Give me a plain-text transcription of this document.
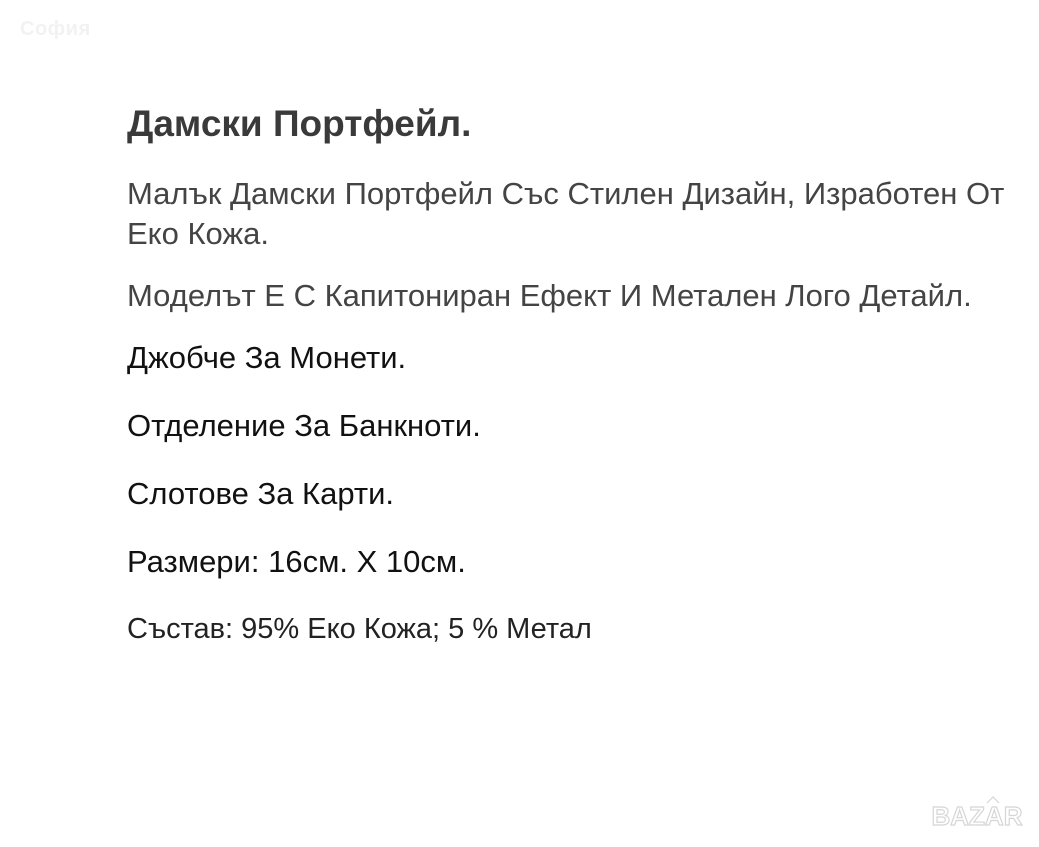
София
Дамски Портфейл.

Малък Дамски Портфейл Със Стилен Дизайн, Изработен От Еко Кожа.

Моделът Е С Капитониран Ефект И Метален Лого Детайл.

Джобче За Монети.

Отделение За Банкноти.

Слотове За Карти.

Размери: 16см. Х 10см.

Състав: 95% Еко Кожа; 5 % Метал

BAZAR
